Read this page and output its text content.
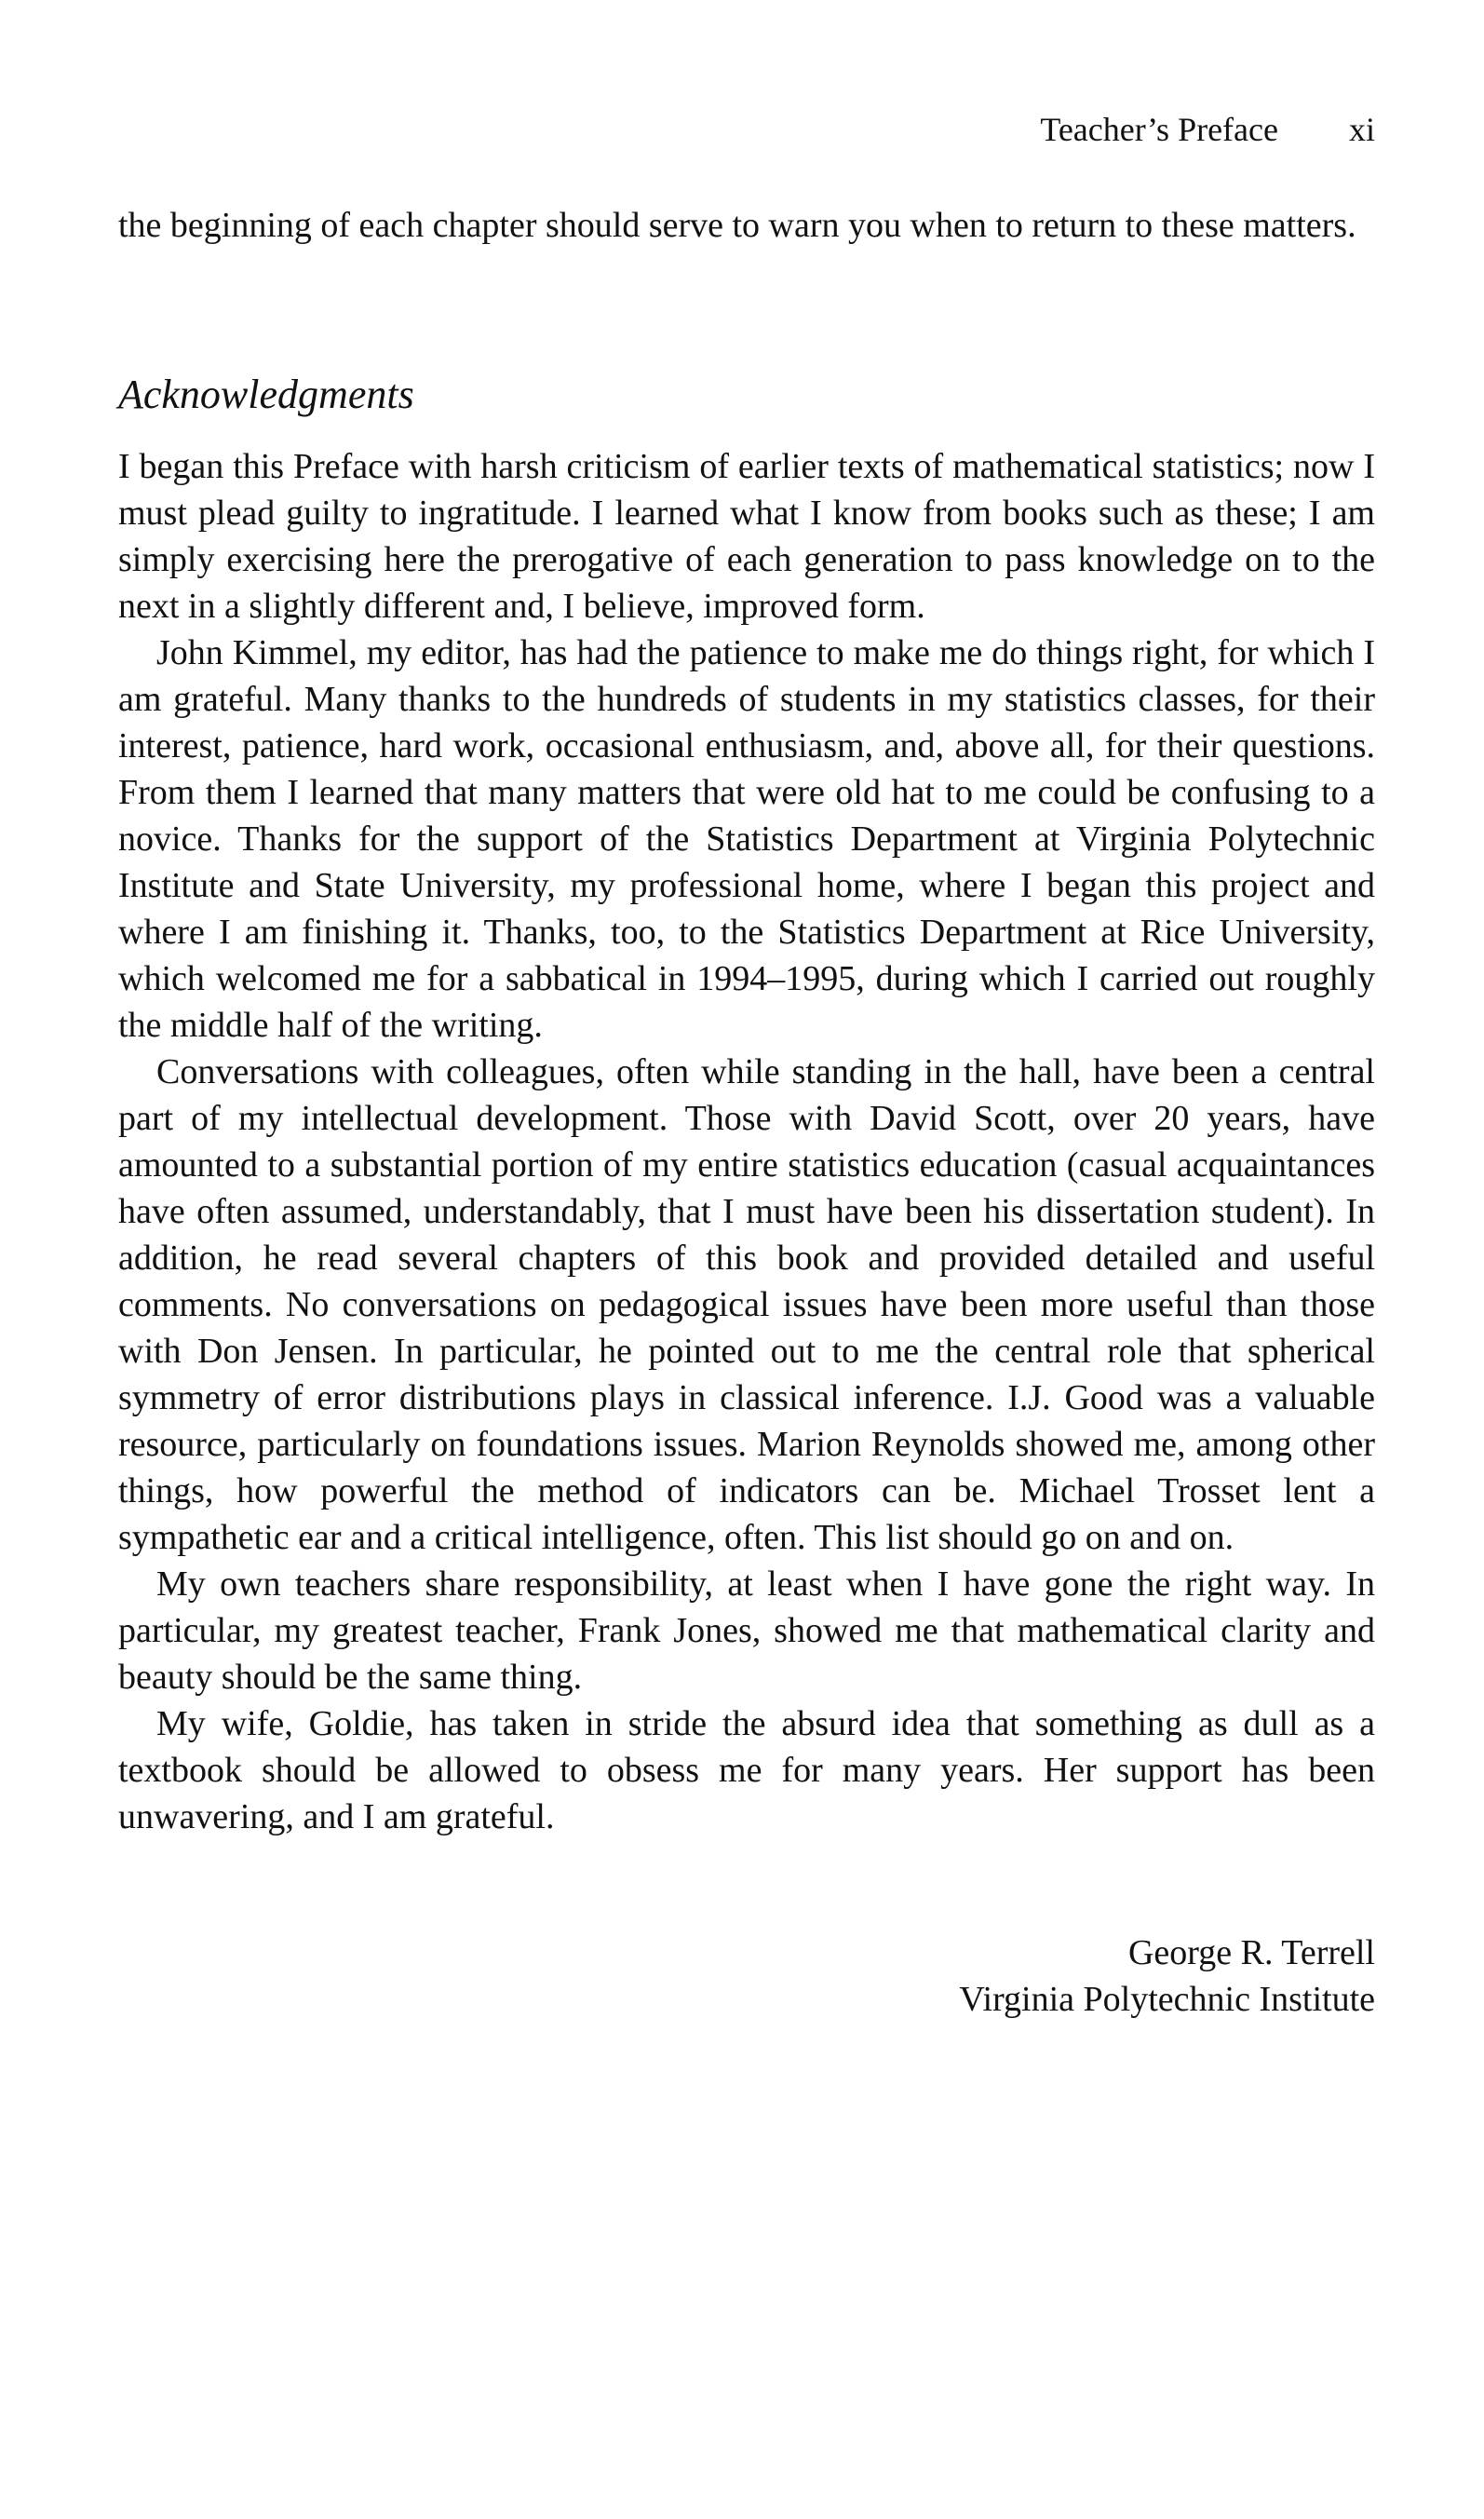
Teacher’s Preface xi

the beginning of each chapter should serve to warn you when to return to these matters.

Acknowledgments

I began this Preface with harsh criticism of earlier texts of mathematical statistics; now I must plead guilty to ingratitude. I learned what I know from books such as these; I am simply exercising here the prerogative of each generation to pass knowledge on to the next in a slightly different and, I believe, improved form.

John Kimmel, my editor, has had the patience to make me do things right, for which I am grateful. Many thanks to the hundreds of students in my statistics classes, for their interest, patience, hard work, occasional enthusiasm, and, above all, for their questions. From them I learned that many matters that were old hat to me could be confusing to a novice. Thanks for the support of the Statistics Department at Virginia Polytechnic Institute and State University, my professional home, where I began this project and where I am finishing it. Thanks, too, to the Statistics Department at Rice University, which welcomed me for a sabbatical in 1994–1995, during which I carried out roughly the middle half of the writing.

Conversations with colleagues, often while standing in the hall, have been a central part of my intellectual development. Those with David Scott, over 20 years, have amounted to a substantial portion of my entire statistics education (casual acquaintances have often assumed, understandably, that I must have been his dissertation student). In addition, he read several chapters of this book and provided detailed and useful comments. No conversations on pedagogical issues have been more useful than those with Don Jensen. In particular, he pointed out to me the central role that spherical symmetry of error distributions plays in classical inference. I.J. Good was a valuable resource, particularly on foundations issues. Marion Reynolds showed me, among other things, how powerful the method of indicators can be. Michael Trosset lent a sympathetic ear and a critical intelligence, often. This list should go on and on.

My own teachers share responsibility, at least when I have gone the right way. In particular, my greatest teacher, Frank Jones, showed me that mathematical clarity and beauty should be the same thing.

My wife, Goldie, has taken in stride the absurd idea that something as dull as a textbook should be allowed to obsess me for many years. Her support has been unwavering, and I am grateful.

George R. Terrell
Virginia Polytechnic Institute
